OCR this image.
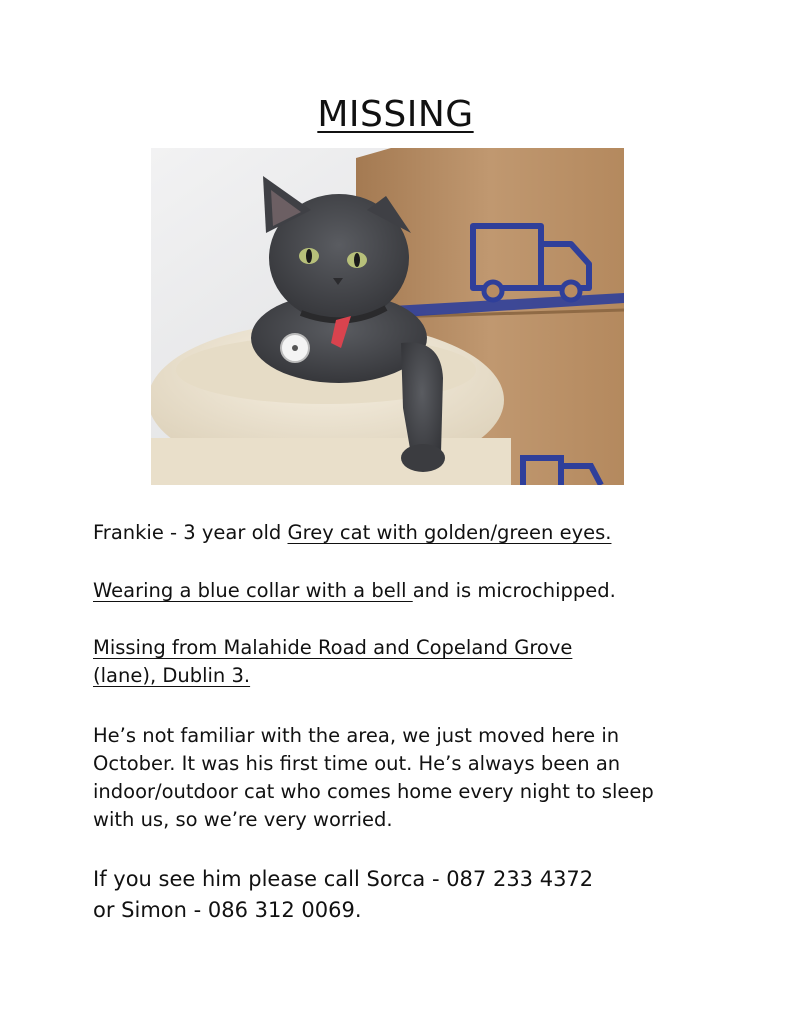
MISSING
Frankie - 3 year old Grey cat with golden/green eyes.
Wearing a blue collar with a bell and is microchipped.
Missing from Malahide Road and Copeland Grove
(lane), Dublin 3.
He’s not familiar with the area, we just moved here in
October. It was his first time out. He’s always been an
indoor/outdoor cat who comes home every night to sleep
with us, so we’re very worried.
If you see him please call Sorca - 087 233 4372
or Simon - 086 312 0069.
